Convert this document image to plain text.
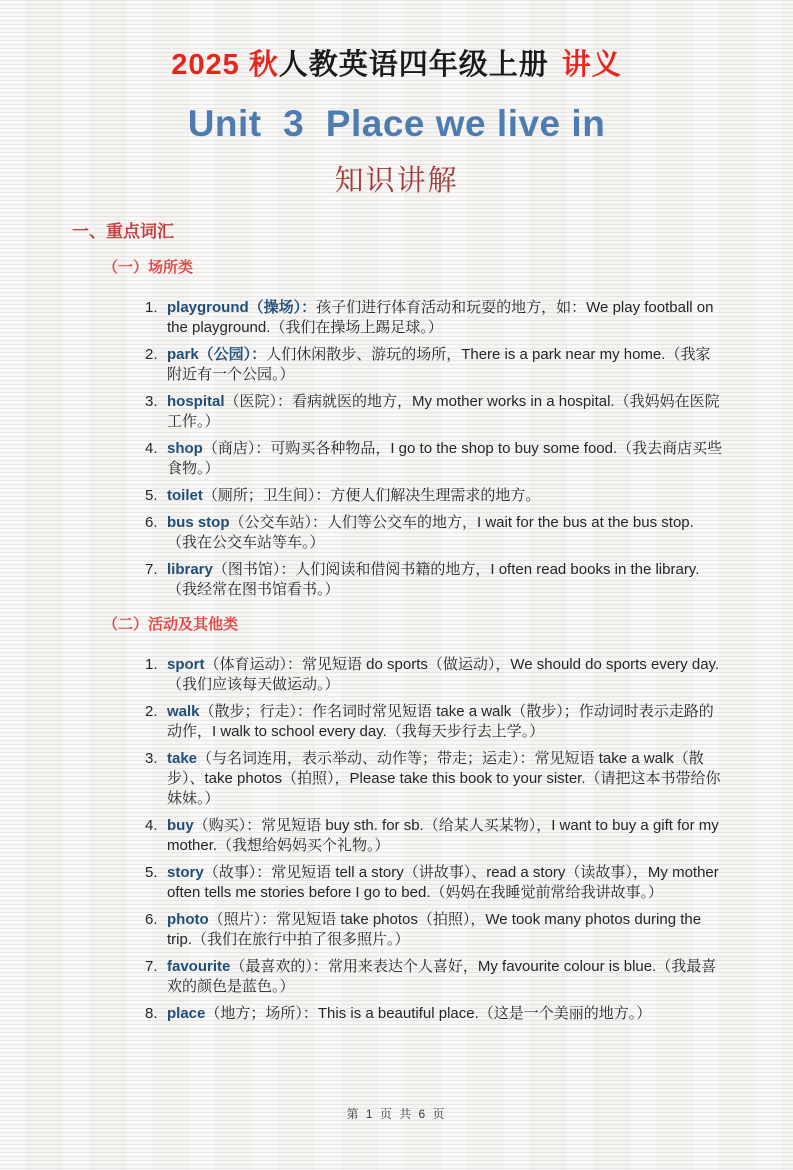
2025 秋人教英语四年级上册 讲义
Unit  3  Place we live in
知识讲解
一、重点词汇
（一）场所类
1. playground（操场）：孩子们进行体育活动和玩耍的地方，如：We play football on the playground.（我们在操场上踢足球。）
2. park（公园）：人们休闲散步、游玩的场所，There is a park near my home.（我家附近有一个公园。）
3. hospital（医院）：看病就医的地方，My mother works in a hospital.（我妈妈在医院工作。）
4. shop（商店）：可购买各种物品，I go to the shop to buy some food.（我去商店买些食物。）
5. toilet（厕所；卫生间）：方便人们解决生理需求的地方。
6. bus stop（公交车站）：人们等公交车的地方，I wait for the bus at the bus stop.（我在公交车站等车。）
7. library（图书馆）：人们阅读和借阅书籍的地方，I often read books in the library.（我经常在图书馆看书。）
（二）活动及其他类
1. sport（体育运动）：常见短语 do sports（做运动），We should do sports every day.（我们应该每天做运动。）
2. walk（散步；行走）：作名词时常见短语 take a walk（散步）；作动词时表示走路的动作，I walk to school every day.（我每天步行去上学。）
3. take（与名词连用，表示举动、动作等；带走；运走）：常见短语 take a walk（散步）、take photos（拍照），Please take this book to your sister.（请把这本书带给你妹妹。）
4. buy（购买）：常见短语 buy sth. for sb.（给某人买某物），I want to buy a gift for my mother.（我想给妈妈买个礼物。）
5. story（故事）：常见短语 tell a story（讲故事）、read a story（读故事），My mother often tells me stories before I go to bed.（妈妈在我睡觉前常给我讲故事。）
6. photo（照片）：常见短语 take photos（拍照），We took many photos during the trip.（我们在旅行中拍了很多照片。）
7. favourite（最喜欢的）：常用来表达个人喜好，My favourite colour is blue.（我最喜欢的颜色是蓝色。）
8. place（地方；场所）：This is a beautiful place.（这是一个美丽的地方。）
第 1 页 共 6 页
